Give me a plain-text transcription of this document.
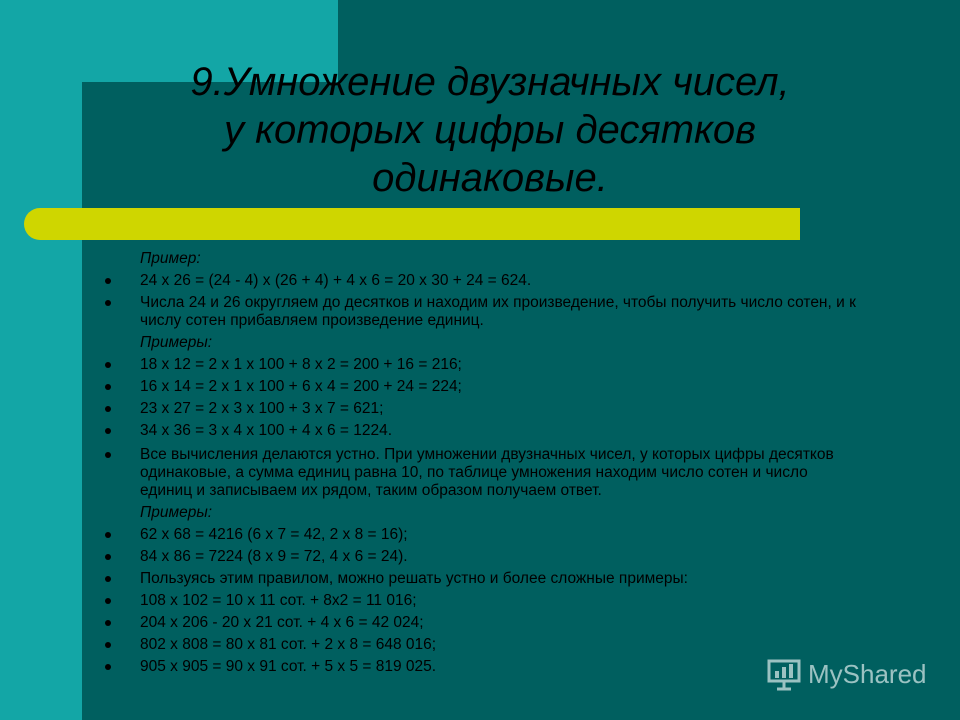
9.Умножение двузначных чисел,
у которых цифры десятков
одинаковые.

Пример:

24 х 26 = (24 - 4) х (26 + 4) + 4 х 6 = 20 х 30 + 24 = 624.

Числа 24 и 26 округляем до десятков и находим их произведение, чтобы получить число сотен, и к числу сотен прибавляем произведение единиц.

Примеры:

18 х 12 = 2 х 1 х 100 + 8 х 2 = 200 + 16 = 216;

16 х 14 = 2 х 1 х 100 + 6 х 4 = 200 + 24 = 224;

23 х 27 = 2 х 3 х 100 + 3 х 7 = 621;

34 х 36 = 3 х 4 х 100 + 4 х 6 = 1224.

Все вычисления делаются устно. При умножении двузначных чисел, у которых цифры десятков одинаковые, а сумма единиц равна 10, по таблице умножения находим число сотен и число единиц и записываем их рядом, таким образом получаем ответ.

Примеры:

62 х 68 = 4216 (6 х 7 = 42, 2 х 8 = 16);

84 х 86 = 7224 (8 х 9 = 72, 4 х 6 = 24).

Пользуясь этим правилом, можно решать устно и более сложные примеры:

108 х 102 = 10 х 11 сот. + 8х2 = 11 016;

204 х 206 - 20 х 21 сот. + 4 х 6 = 42 024;

802 х 808 = 80 х 81 сот. + 2 х 8 = 648 016;

905 х 905 = 90 х 91 сот. + 5 х 5 = 819 025.	MyShared
